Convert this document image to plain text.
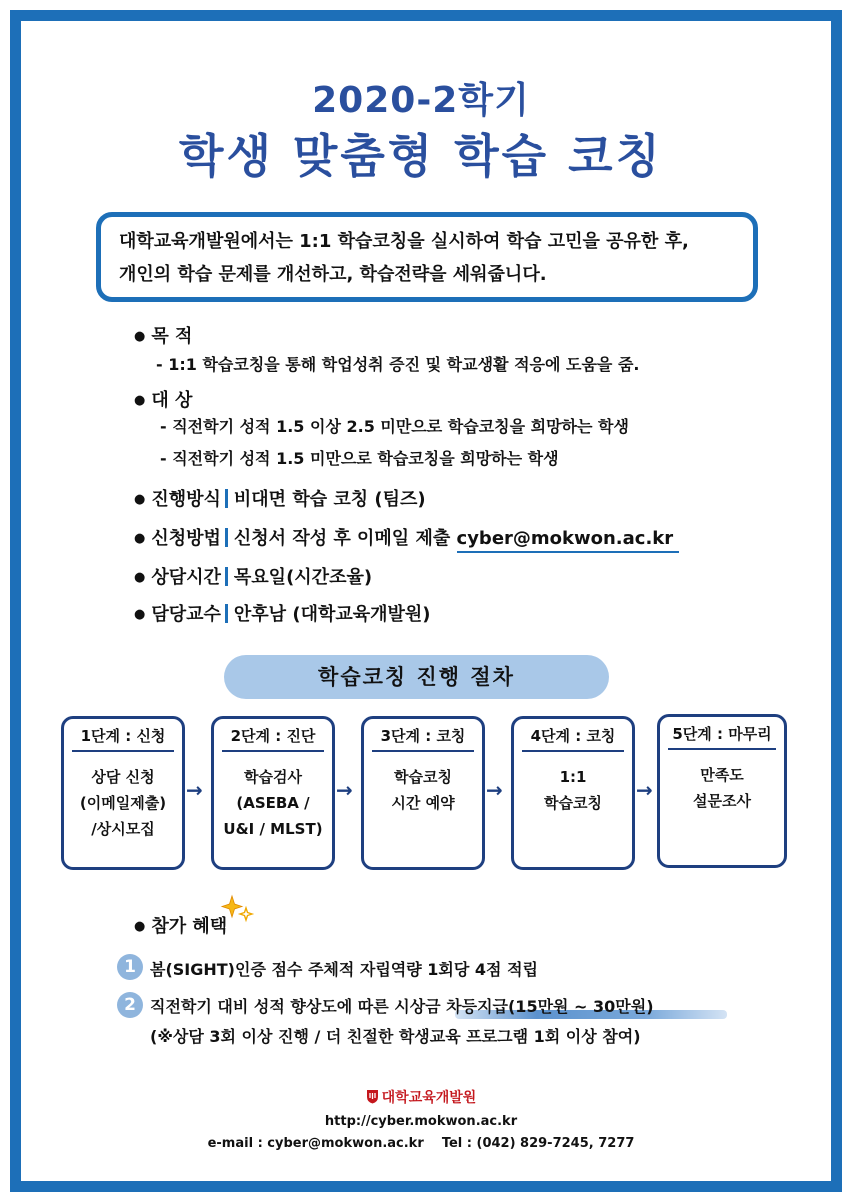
2020-2학기
학생 맞춤형 학습 코칭
대학교육개발원에서는 1:1 학습코칭을 실시하여 학습 고민을 공유한 후,
개인의 학습 문제를 개선하고, 학습전략을 세워줍니다.
● 목 적
- 1:1 학습코칭을 통해 학업성취 증진 및 학교생활 적응에 도움을 줌.
● 대 상
- 직전학기 성적 1.5 이상 2.5 미만으로 학습코칭을 희망하는 학생
- 직전학기 성적 1.5 미만으로 학습코칭을 희망하는 학생
● 진행방식 비대면 학습 코칭 (팀즈)
● 신청방법 신청서 작성 후 이메일 제출 cyber@mokwon.ac.kr
● 상담시간 목요일(시간조율)
● 담당교수 안후남 (대학교육개발원)
학습코칭 진행 절차
1단계 : 신청
상담 신청
(이메일제출)
/상시모집
→
2단계 : 진단
학습검사
(ASEBA /
U&I / MLST)
→
3단계 : 코칭
학습코칭
시간 예약
→
4단계 : 코칭
1:1
학습코칭
→
5단계 : 마무리
만족도
설문조사
● 참가 혜택
1 봄(SIGHT)인증 점수 주체적 자립역량 1회당 4점 적립
2 직전학기 대비 성적 향상도에 따른 시상금 차등지급(15만원 ~ 30만원)
(※상담 3회 이상 진행 / 더 친절한 학생교육 프로그램 1회 이상 참여)
대학교육개발원
http://cyber.mokwon.ac.kr
e-mail : cyber@mokwon.ac.kr    Tel : (042) 829-7245, 7277
